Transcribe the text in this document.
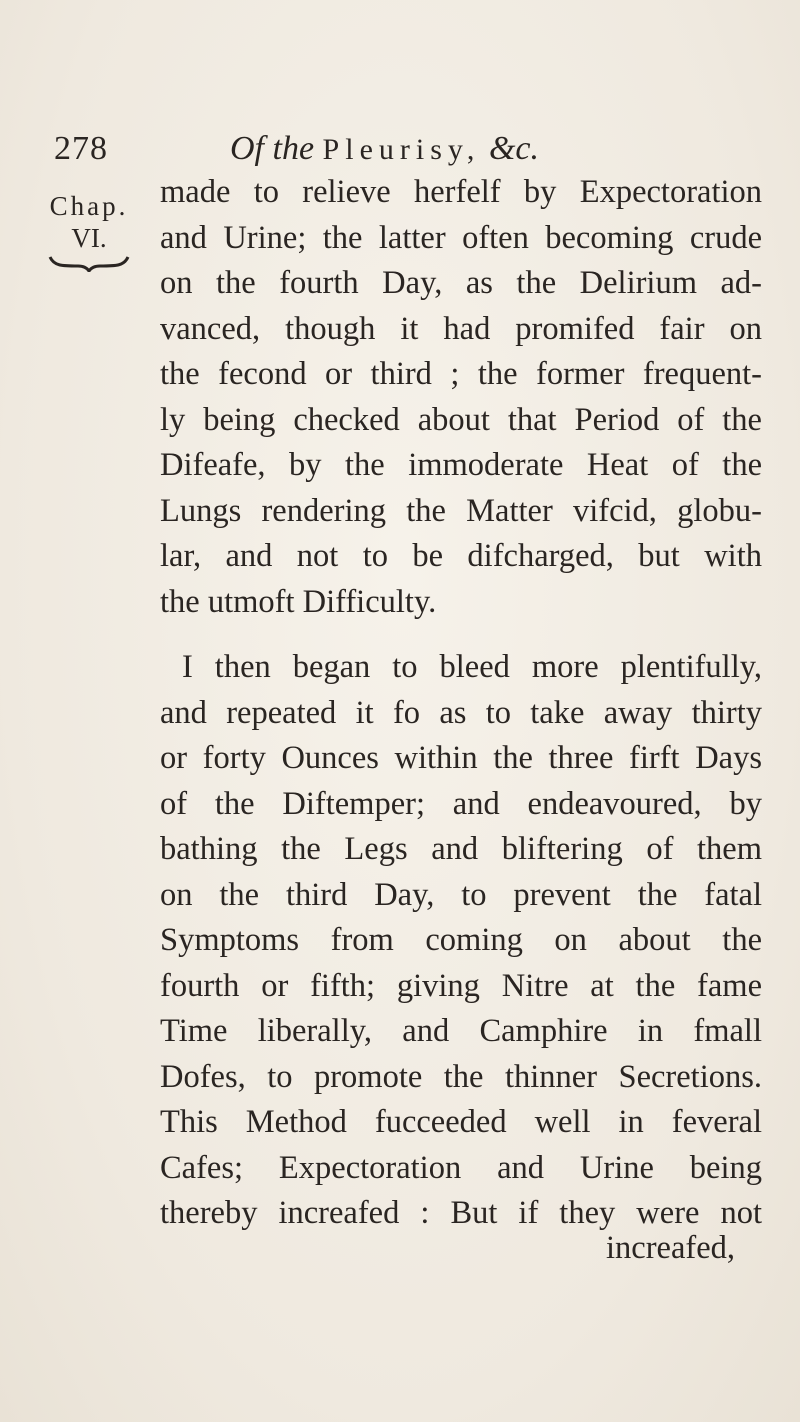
278	Of the Pleurisy, &c.
Chap.
VI.
made to relieve herfelf by Expectoration
and Urine; the latter often becoming crude
on the fourth Day, as the Delirium ad-
vanced, though it had promifed fair on
the fecond or third ; the former frequent-
ly being checked about that Period of the
Difeafe, by the immoderate Heat of the
Lungs rendering the Matter vifcid, globu-
lar, and not to be difcharged, but with
the utmoft Difficulty.
I then began to bleed more plentifully,
and repeated it fo as to take away thirty
or forty Ounces within the three firft Days
of the Diftemper; and endeavoured, by
bathing the Legs and bliftering of them
on the third Day, to prevent the fatal
Symptoms from coming on about the
fourth or fifth; giving Nitre at the fame
Time liberally, and Camphire in fmall
Dofes, to promote the thinner Secretions.
This Method fucceeded well in feveral
Cafes; Expectoration and Urine being
thereby increafed : But if they were not
increafed,
